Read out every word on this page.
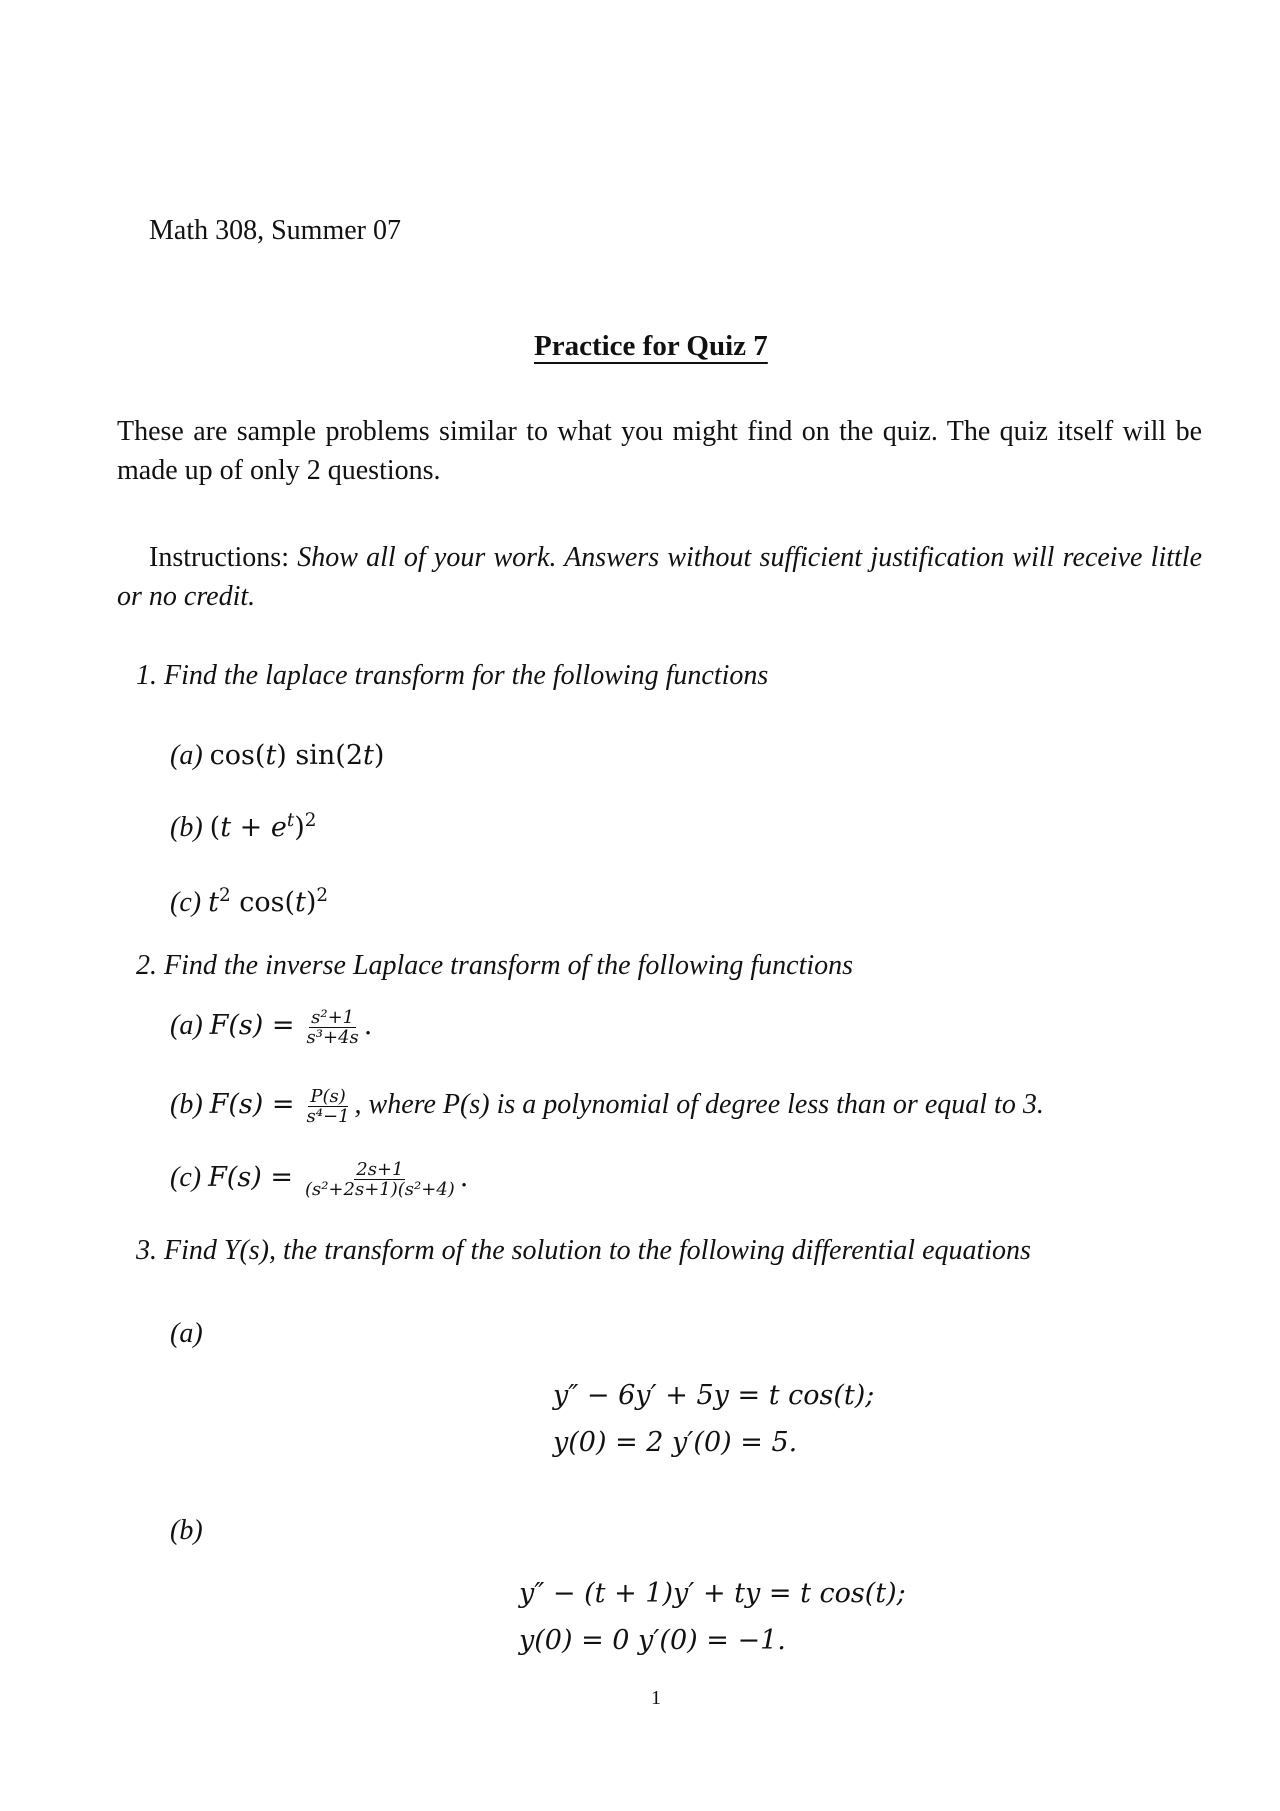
Math 308, Summer 07
Practice for Quiz 7
These are sample problems similar to what you might find on the quiz. The quiz itself will be made up of only 2 questions.
Instructions: Show all of your work. Answers without sufficient justification will receive little or no credit.
1. Find the laplace transform for the following functions
(a) cos(t) sin(2t)
(b) $(t + e^t)^2$
(c) $t^2$ $\cos(t)^2$
2. Find the inverse Laplace transform of the following functions
(a) $F(s) = \frac{\text{s²+1}}{\text{s³+4s}}$ .
(b) $F(s) = \frac{P(s)}{\text{s⁴−1}}$ , where P(s) is a polynomial of degree less than or equal to 3.
(c) $F(s) = \frac{2s+1}{\text{(s²+2s+1)(s²+4)}}$ .
3. Find Y(s), the transform of the solution to the following differential equations
(a)
y″ − 6y′ + 5y = t cos(t);
y(0) = 2 y′(0) = 5.
(b)
y″ − (t + 1)y′ + ty = t cos(t);
y(0) = 0 y′(0) = −1.
1
